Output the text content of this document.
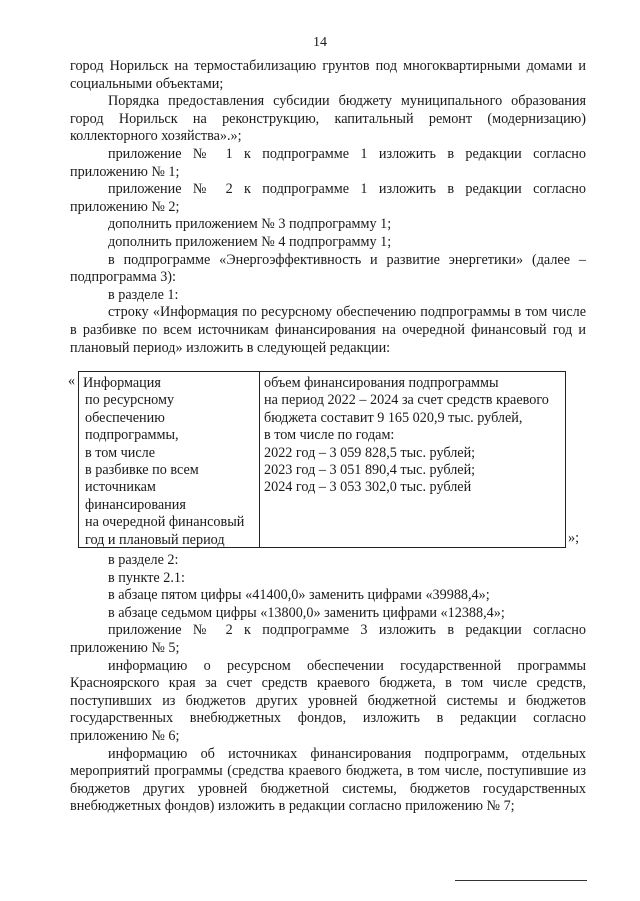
14

город Норильск на термостабилизацию грунтов под многоквартирными домами и социальными объектами;

Порядка предоставления субсидии бюджету муниципального образования город Норильск на реконструкцию, капитальный ремонт (модернизацию) коллекторного хозяйства».»;

приложение № 1 к подпрограмме 1 изложить в редакции согласно приложению № 1;

приложение № 2 к подпрограмме 1 изложить в редакции согласно приложению № 2;

дополнить приложением № 3 подпрограмму 1;

дополнить приложением № 4 подпрограмму 1;

в подпрограмме «Энергоэффективность и развитие энергетики» (далее – подпрограмма 3):

в разделе 1:

строку «Информация по ресурсному обеспечению подпрограммы в том числе в разбивке по всем источникам финансирования на очередной финансовый год и плановый период» изложить в следующей редакции:

« Информация
по ресурсному
обеспечению
подпрограммы,
в том числе
в разбивке по всем
источникам
финансирования
на очередной финансовый
год и плановый период
объем финансирования подпрограммы
на период 2022 – 2024 за счет средств краевого
бюджета составит 9 165 020,9 тыс. рублей,
в том числе по годам:
2022 год – 3 059 828,5 тыс. рублей;
2023 год – 3 051 890,4 тыс. рублей;
2024 год – 3 053 302,0 тыс. рублей
»;

в разделе 2:

в пункте 2.1:

в абзаце пятом цифры «41400,0» заменить цифрами «39988,4»;

в абзаце седьмом цифры «13800,0» заменить цифрами «12388,4»;

приложение № 2 к подпрограмме 3 изложить в редакции согласно приложению № 5;

информацию о ресурсном обеспечении государственной программы Красноярского края за счет средств краевого бюджета, в том числе средств, поступивших из бюджетов других уровней бюджетной системы и бюджетов государственных внебюджетных фондов, изложить в редакции согласно приложению № 6;

информацию об источниках финансирования подпрограмм, отдельных мероприятий программы (средства краевого бюджета, в том числе, поступившие из бюджетов других уровней бюджетной системы, бюджетов государственных внебюджетных фондов) изложить в редакции согласно приложению № 7;
